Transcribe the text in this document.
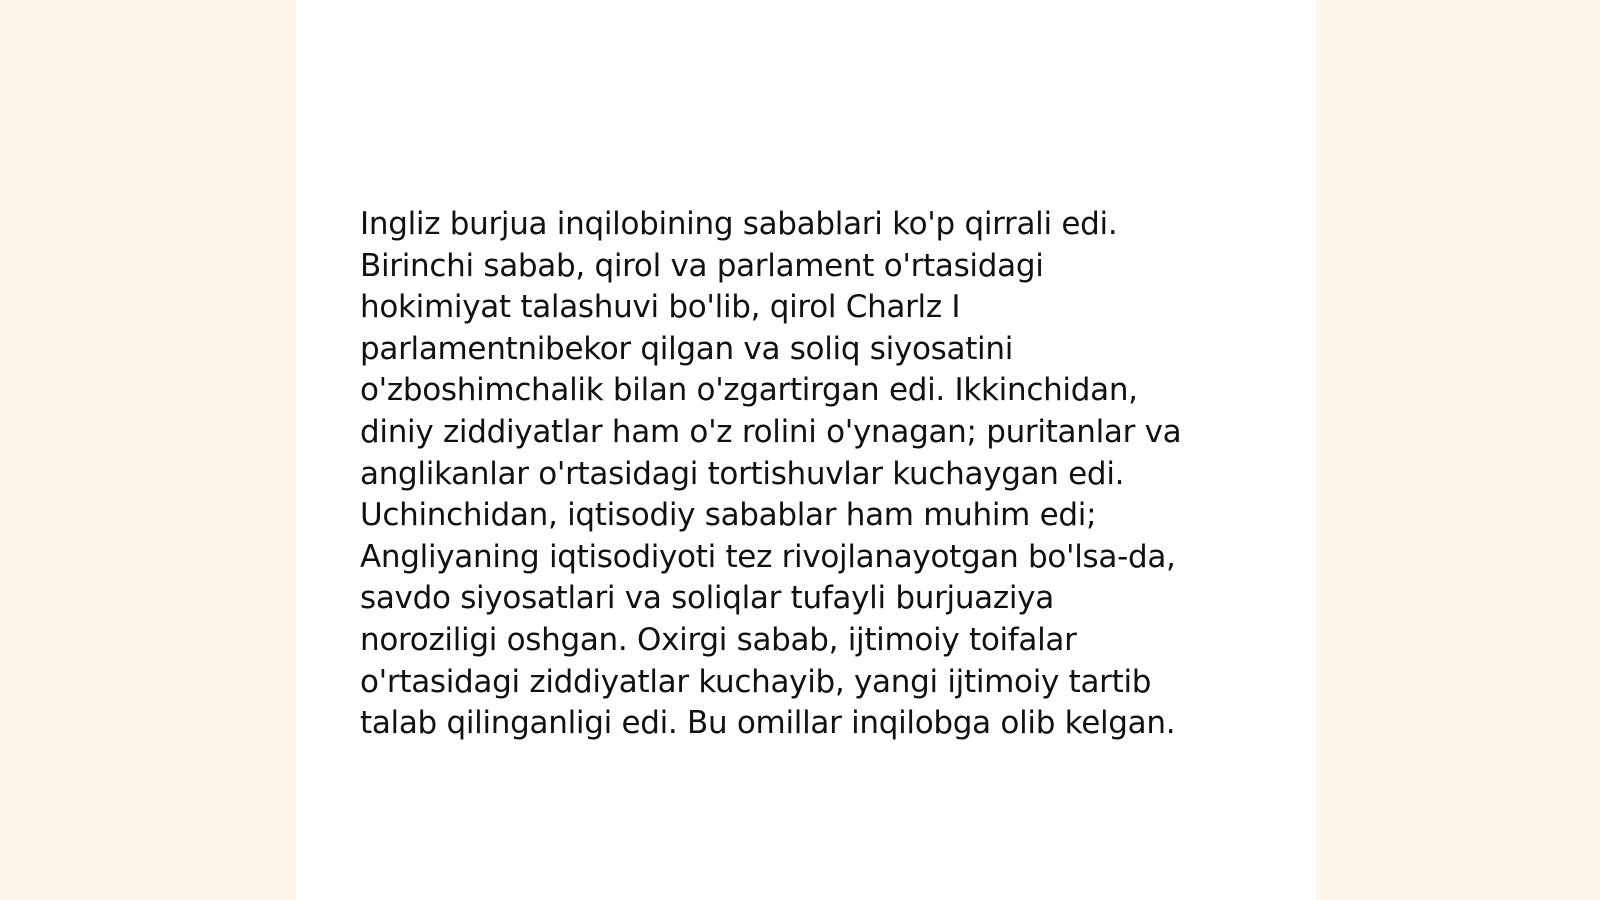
Ingliz burjua inqilobining sabablari ko'p qirrali edi.
Birinchi sabab, qirol va parlament o'rtasidagi
hokimiyat talashuvi bo'lib, qirol Charlz I
parlamentnibekor qilgan va soliq siyosatini
o'zboshimchalik bilan o'zgartirgan edi. Ikkinchidan,
diniy ziddiyatlar ham o'z rolini o'ynagan; puritanlar va
anglikanlar o'rtasidagi tortishuvlar kuchaygan edi.
Uchinchidan, iqtisodiy sabablar ham muhim edi;
Angliyaning iqtisodiyoti tez rivojlanayotgan bo'lsa-da,
savdo siyosatlari va soliqlar tufayli burjuaziya
noroziligi oshgan. Oxirgi sabab, ijtimoiy toifalar
o'rtasidagi ziddiyatlar kuchayib, yangi ijtimoiy tartib
talab qilinganligi edi. Bu omillar inqilobga olib kelgan.
